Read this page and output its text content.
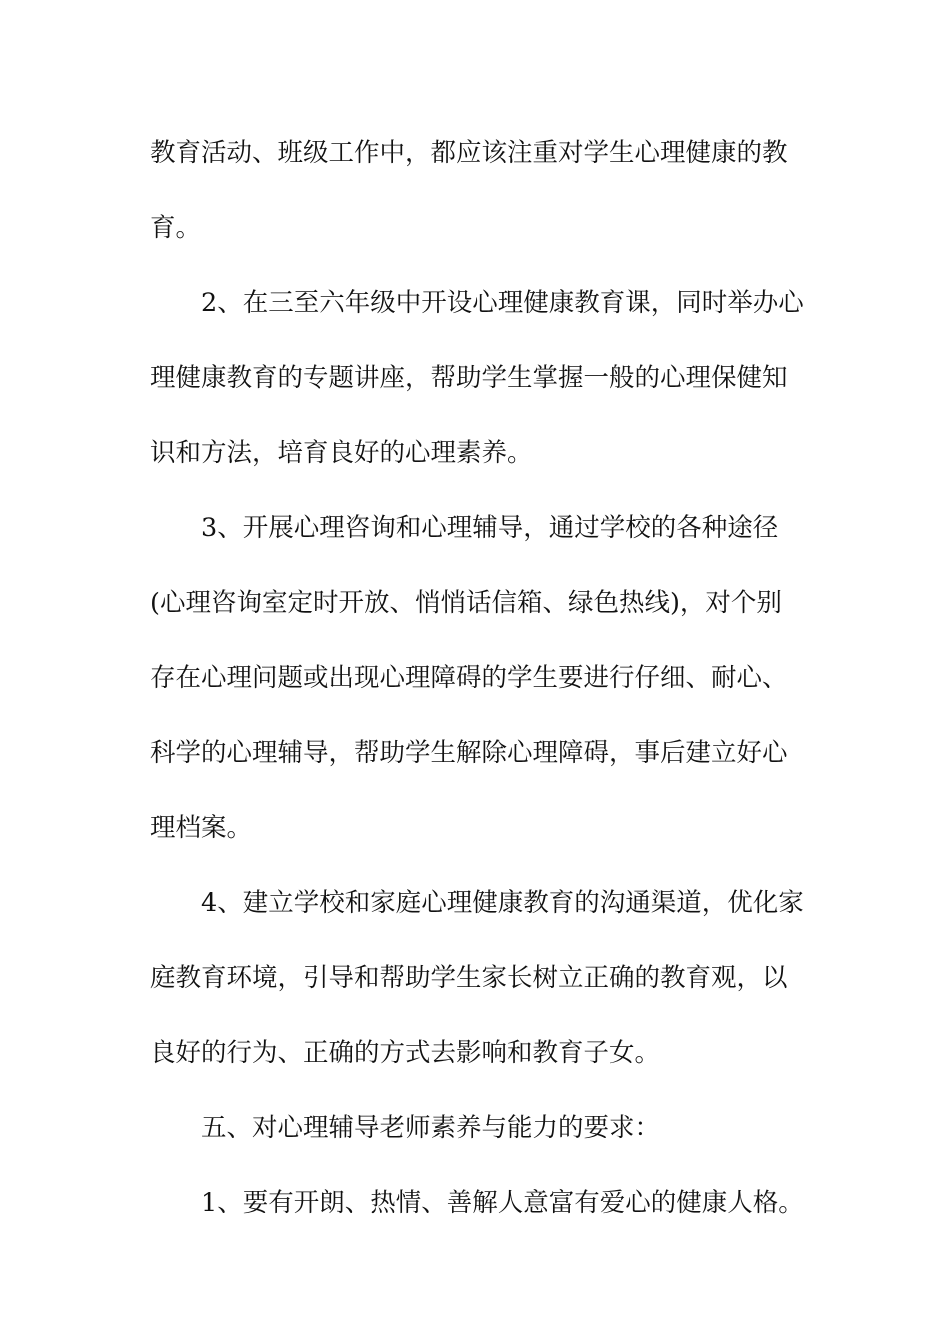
教育活动、班级工作中，都应该注重对学生心理健康的教
育。
2、在三至六年级中开设心理健康教育课，同时举办心
理健康教育的专题讲座，帮助学生掌握一般的心理保健知
识和方法，培育良好的心理素养。
3、开展心理咨询和心理辅导，通过学校的各种途径
(心理咨询室定时开放、悄悄话信箱、绿色热线)，对个别
存在心理问题或出现心理障碍的学生要进行仔细、耐心、
科学的心理辅导，帮助学生解除心理障碍，事后建立好心
理档案。
4、建立学校和家庭心理健康教育的沟通渠道，优化家
庭教育环境，引导和帮助学生家长树立正确的教育观，以
良好的行为、正确的方式去影响和教育子女。
五、对心理辅导老师素养与能力的要求：
1、要有开朗、热情、善解人意富有爱心的健康人格。
